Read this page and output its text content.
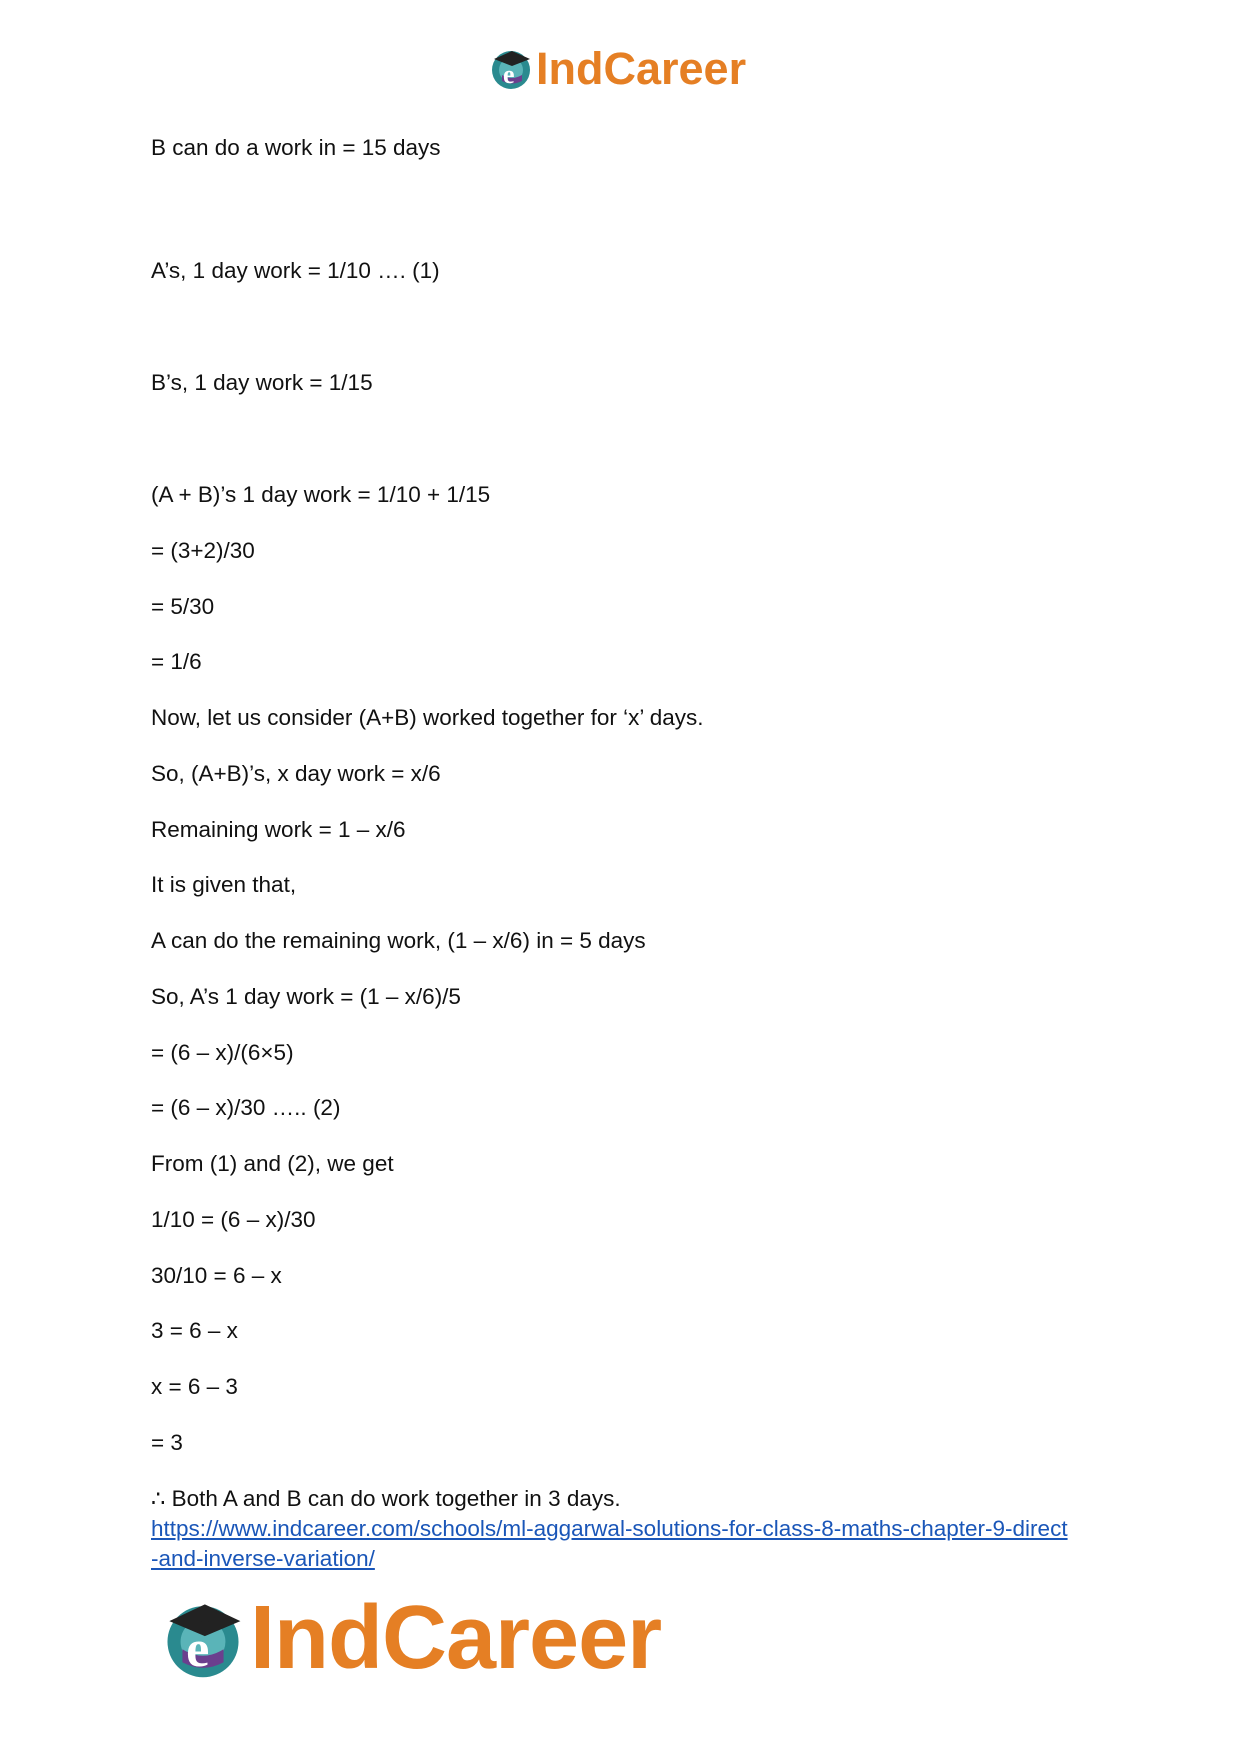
e IndCareer
B can do a work in = 15 days
A’s, 1 day work = 1/10 …. (1)
B’s, 1 day work = 1/15
(A + B)’s 1 day work = 1/10 + 1/15
= (3+2)/30
= 5/30
= 1/6
Now, let us consider (A+B) worked together for ‘x’ days.
So, (A+B)’s, x day work = x/6
Remaining work = 1 – x/6
It is given that,
A can do the remaining work, (1 – x/6) in = 5 days
So, A’s 1 day work = (1 – x/6)/5
= (6 – x)/(6×5)
= (6 – x)/30 ….. (2)
From (1) and (2), we get
1/10 = (6 – x)/30
30/10 = 6 – x
3 = 6 – x
x = 6 – 3
= 3
∴ Both A and B can do work together in 3 days.
https://www.indcareer.com/schools/ml-aggarwal-solutions-for-class-8-maths-chapter-9-direct
-and-inverse-variation/
e IndCareer
